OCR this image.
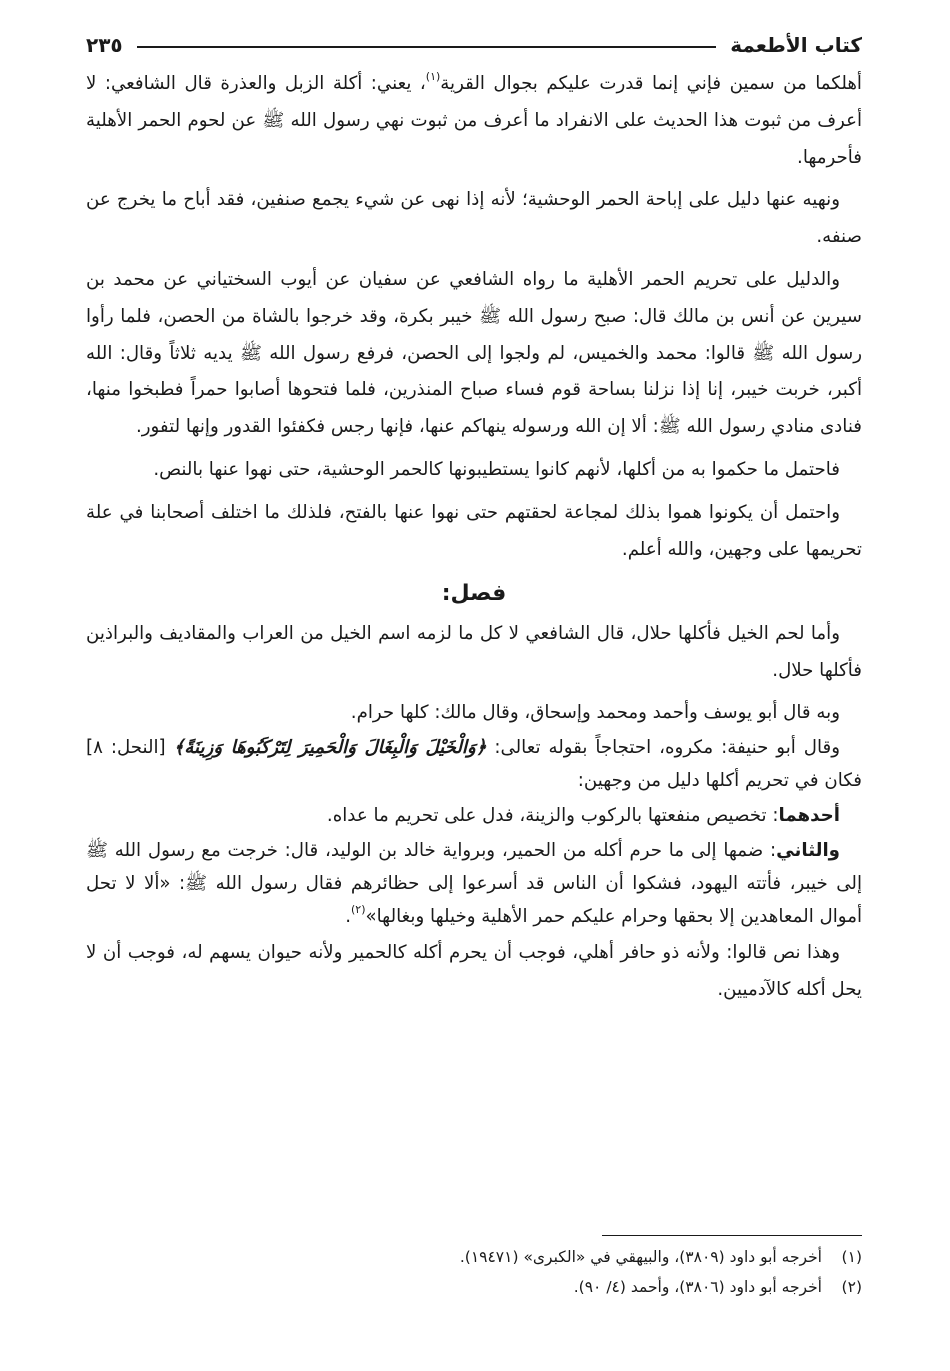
كتاب الأطعمة
٢٣٥

أهلكما من سمين فإني إنما قدرت عليكم بجوال القرية$^{(١)}$، يعني: أكلة الزبل والعذرة قال الشافعي: لا أعرف من ثبوت هذا الحديث على الانفراد ما أعرف من ثبوت نهي رسول الله ﷺ عن لحوم الحمر الأهلية فأحرمها.

ونهيه عنها دليل على إباحة الحمر الوحشية؛ لأنه إذا نهى عن شيء يجمع صنفين، فقد أباح ما يخرج عن صنفه.

والدليل على تحريم الحمر الأهلية ما رواه الشافعي عن سفيان عن أيوب السختياني عن محمد بن سيرين عن أنس بن مالك قال: صبح رسول الله ﷺ خيبر بكرة، وقد خرجوا بالشاة من الحصن، فلما رأوا رسول الله ﷺ قالوا: محمد والخميس، لم ولجوا إلى الحصن، فرفع رسول الله ﷺ يديه ثلاثاً وقال: الله أكبر، خربت خيبر، إنا إذا نزلنا بساحة قوم فساء صباح المنذرين، فلما فتحوها أصابوا حمراً فطبخوا منها، فنادى منادي رسول الله ﷺ: ألا إن الله ورسوله ينهاكم عنها، فإنها رجس فكفئوا القدور وإنها لتفور.

فاحتمل ما حكموا به من أكلها، لأنهم كانوا يستطيبونها كالحمر الوحشية، حتى نهوا عنها بالنص.

واحتمل أن يكونوا هموا بذلك لمجاعة لحقتهم حتى نهوا عنها بالفتح، فلذلك ما اختلف أصحابنا في علة تحريمها على وجهين، والله أعلم.

فصل:

وأما لحم الخيل فأكلها حلال، قال الشافعي لا كل ما لزمه اسم الخيل من العراب والمقاديف والبراذين فأكلها حلال.

وبه قال أبو يوسف وأحمد ومحمد وإسحاق، وقال مالك: كلها حرام.

وقال أبو حنيفة: مكروه، احتجاجاً بقوله تعالى: ﴿وَالْخَيْلَ وَالْبِغَالَ وَالْحَمِيرَ لِتَرْكَبُوهَا وَزِينَةً﴾ [النحل: ٨] فكان في تحريم أكلها دليل من وجهين:

أحدهما: تخصيص منفعتها بالركوب والزينة، فدل على تحريم ما عداه.

والثاني: ضمها إلى ما حرم أكله من الحمير، وبرواية خالد بن الوليد، قال: خرجت مع رسول الله ﷺ إلى خيبر، فأتته اليهود، فشكوا أن الناس قد أسرعوا إلى حظائرهم فقال رسول الله ﷺ: «ألا لا تحل أموال المعاهدين إلا بحقها وحرام عليكم حمر الأهلية وخيلها وبغالها»$^{(٢)}$.

وهذا نص قالوا: ولأنه ذو حافر أهلي، فوجب أن يحرم أكله كالحمير ولأنه حيوان يسهم له، فوجب أن لا يحل أكله كالآدميين.

(١)
أخرجه أبو داود (٣٨٠٩)، والبيهقي في «الكبرى» (١٩٤٧١).
(٢)
أخرجه أبو داود (٣٨٠٦)، وأحمد (٤/ ٩٠).
